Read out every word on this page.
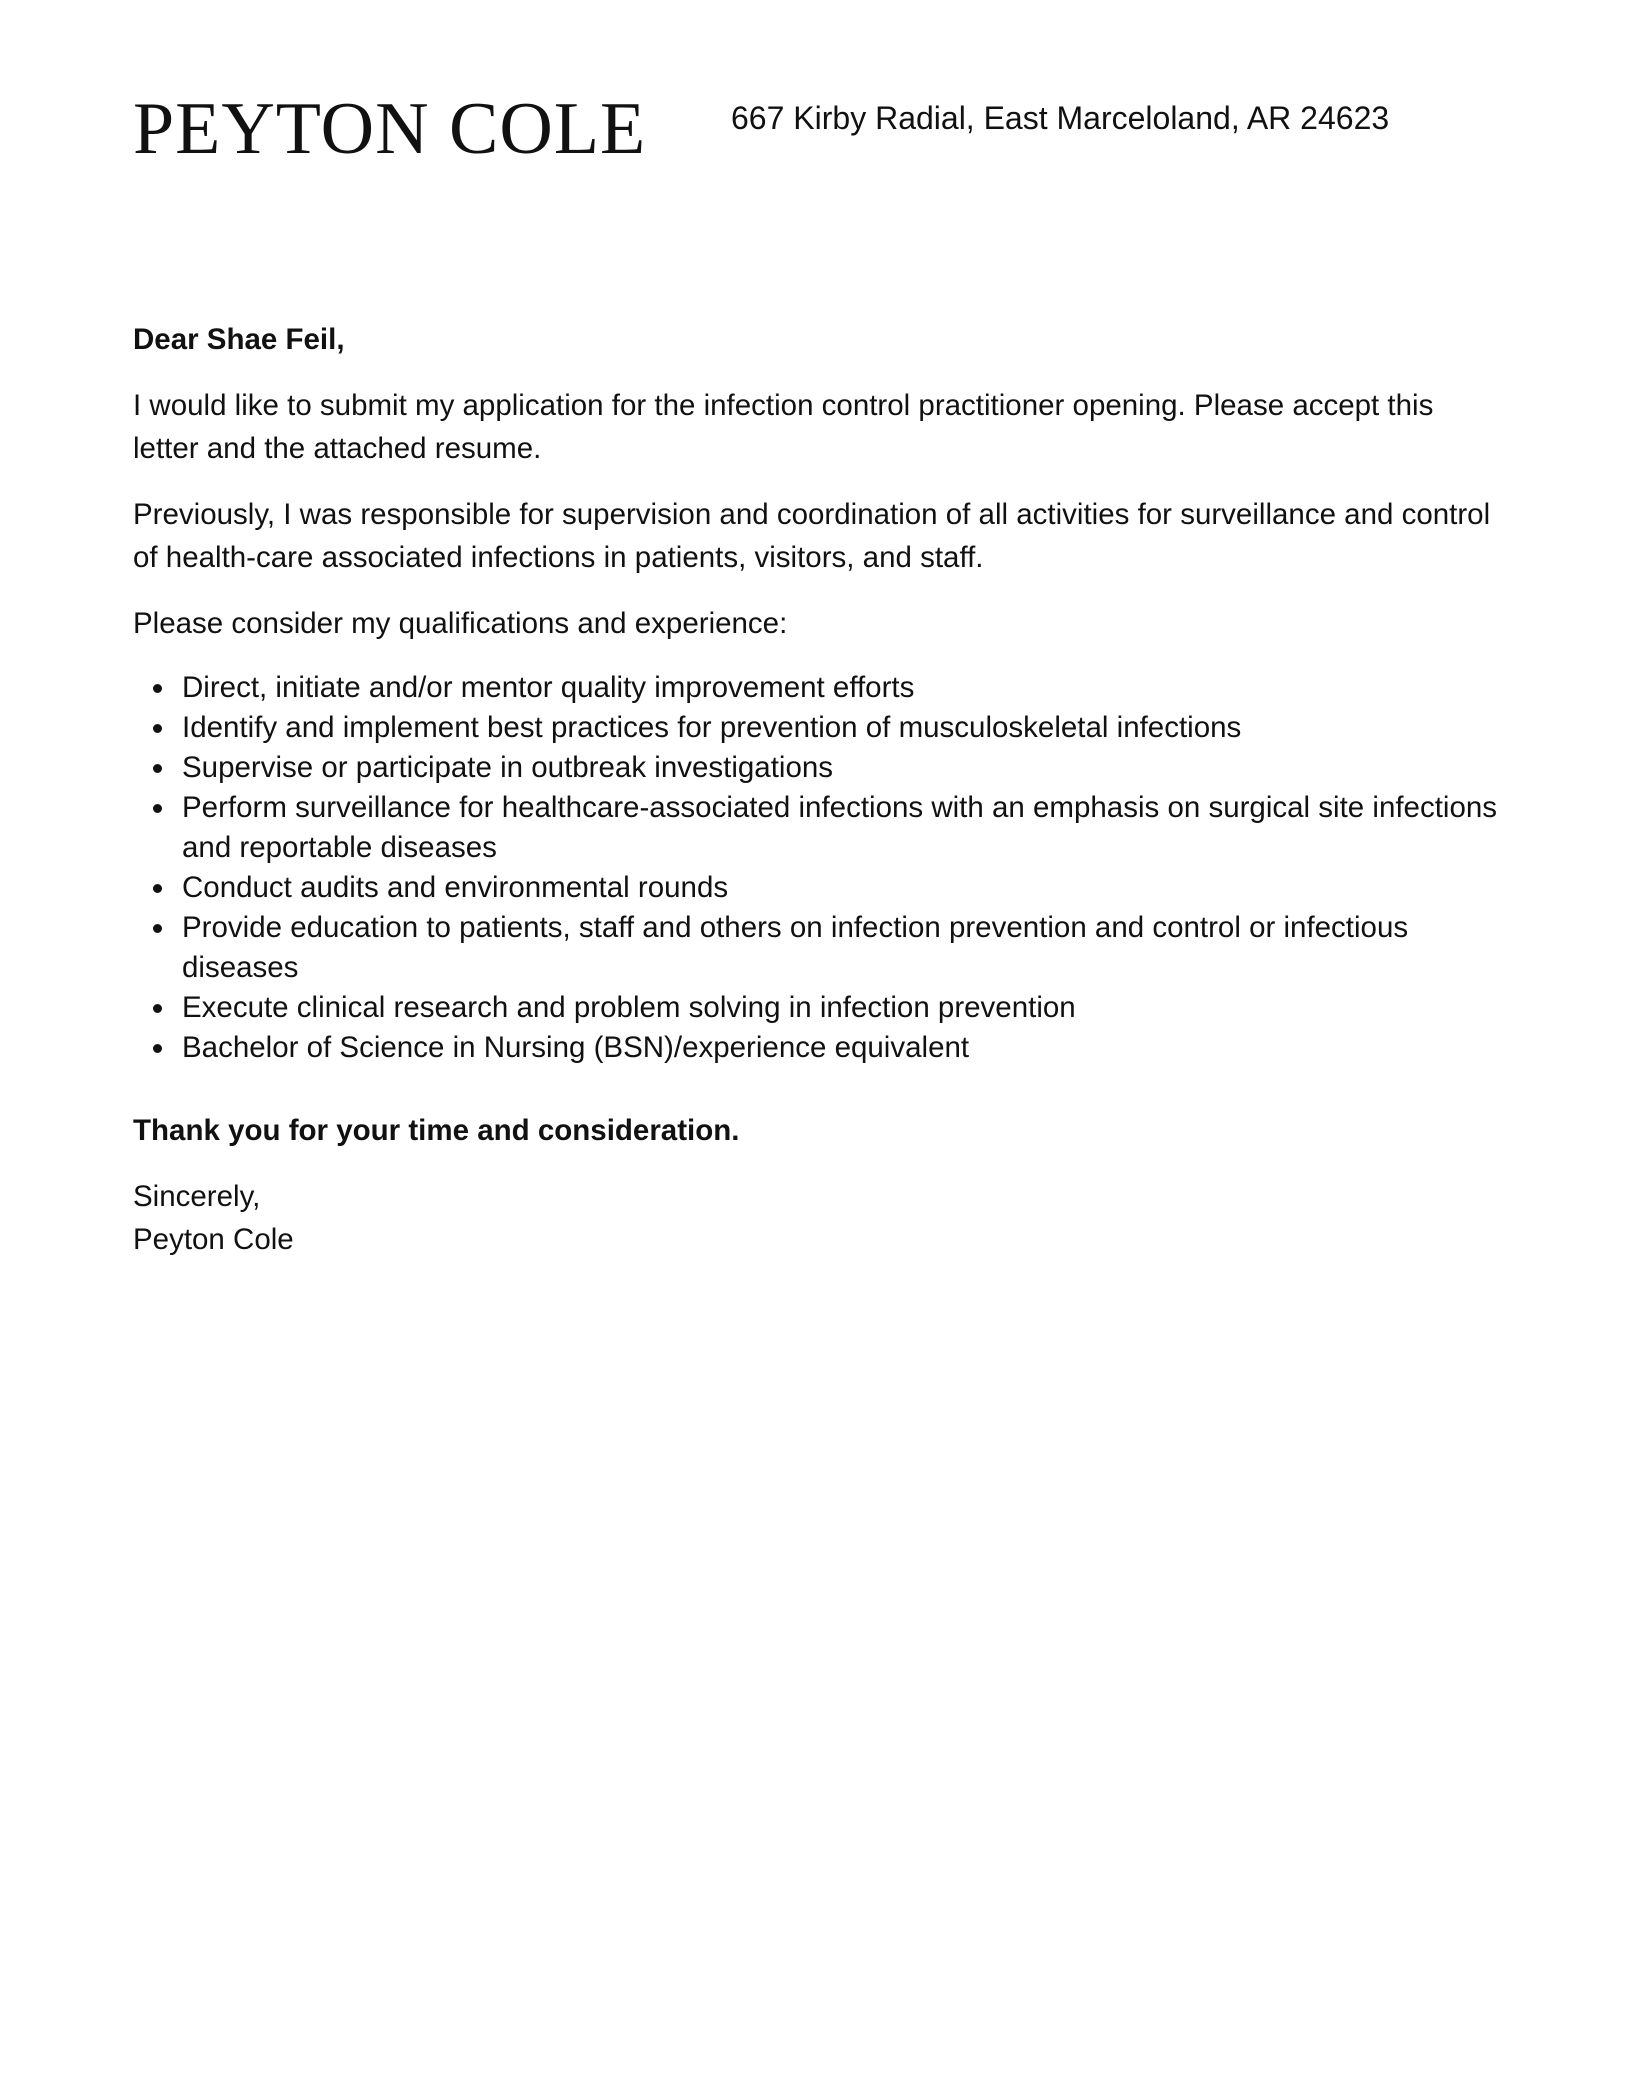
PEYTON COLE	667 Kirby Radial, East Marceloland, AR 24623

Dear Shae Feil,

I would like to submit my application for the infection control practitioner opening. Please accept this letter and the attached resume.

Previously, I was responsible for supervision and coordination of all activities for surveillance and control of health-care associated infections in patients, visitors, and staff.

Please consider my qualifications and experience:

Direct, initiate and/or mentor quality improvement efforts
Identify and implement best practices for prevention of musculoskeletal infections
Supervise or participate in outbreak investigations
Perform surveillance for healthcare-associated infections with an emphasis on surgical site infections and reportable diseases
Conduct audits and environmental rounds
Provide education to patients, staff and others on infection prevention and control or infectious diseases
Execute clinical research and problem solving in infection prevention
Bachelor of Science in Nursing (BSN)/experience equivalent

Thank you for your time and consideration.

Sincerely,

Peyton Cole
